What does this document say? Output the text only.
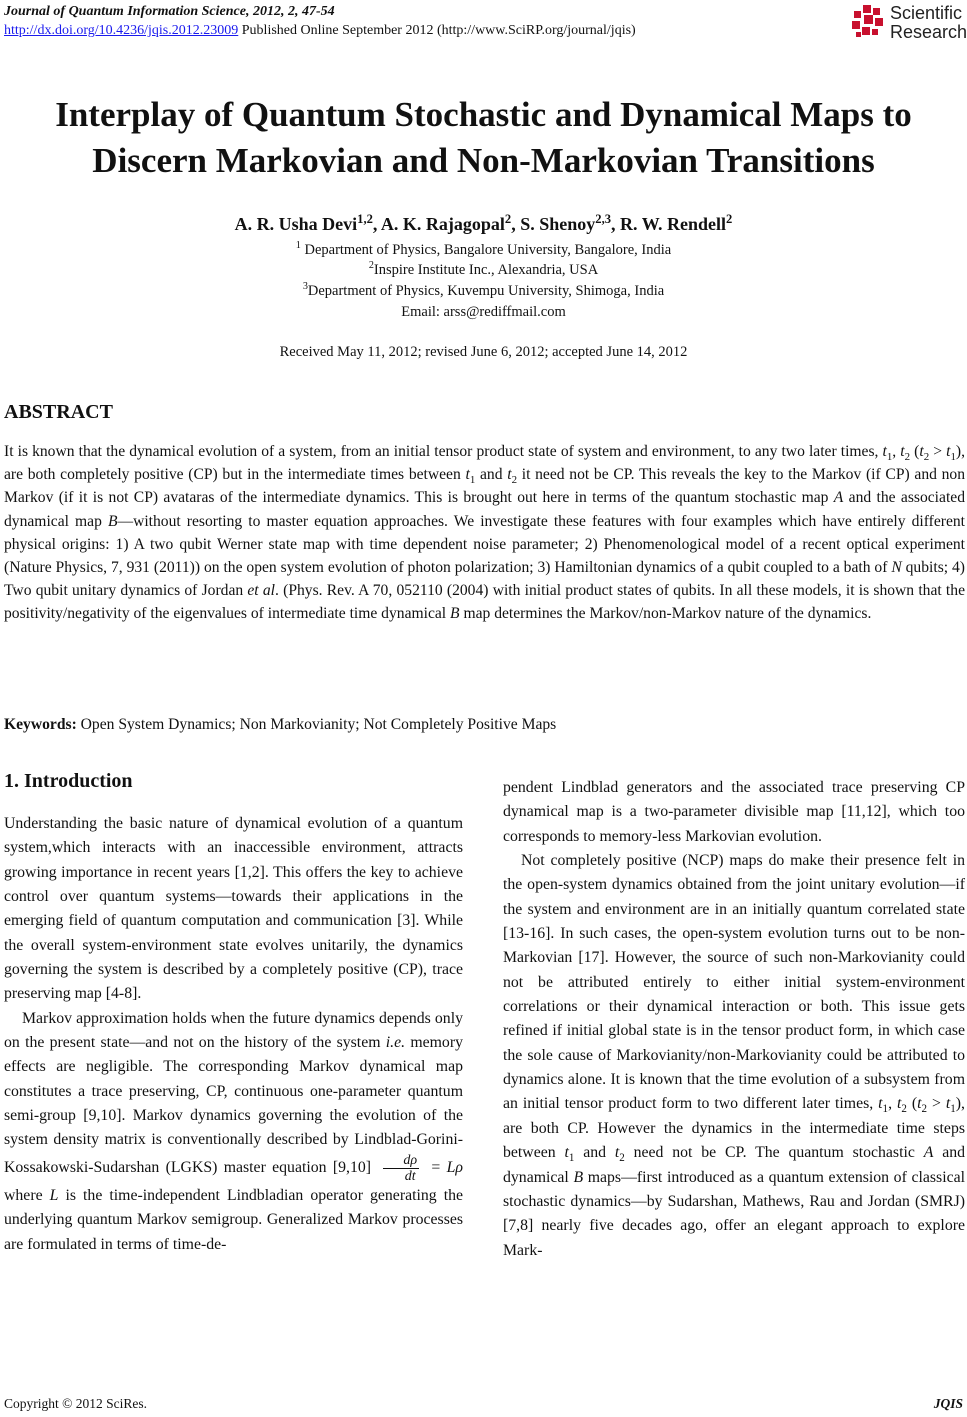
Journal of Quantum Information Science, 2012, 2, 47-54
http://dx.doi.org/10.4236/jqis.2012.23009 Published Online September 2012 (http://www.SciRP.org/journal/jqis)
Scientific
Research
Interplay of Quantum Stochastic and Dynamical Maps to
Discern Markovian and Non-Markovian Transitions
A. R. Usha Devi$^{1,2}$, A. K. Rajagopal$^2$, S. Shenoy$^{2,3}$, R. W. Rendell$^2$
$^1$ Department of Physics, Bangalore University, Bangalore, India
$^2$Inspire Institute Inc., Alexandria, USA
$^3$Department of Physics, Kuvempu University, Shimoga, India
Email: arss@rediffmail.com
Received May 11, 2012; revised June 6, 2012; accepted June 14, 2012
ABSTRACT

It is known that the dynamical evolution of a system, from an initial tensor product state of system and environment, to any two later times, $t_1$, $t_2$ $(t_2 > t_1)$, are both completely positive (CP) but in the intermediate times between $t_1$ and $t_2$ it need not be CP. This reveals the key to the Markov (if CP) and non Markov (if it is not CP) avataras of the intermediate dynamics. This is brought out here in terms of the quantum stochastic map A and the associated dynamical map B—without resorting to master equation approaches. We investigate these features with four examples which have entirely different physical origins: 1) A two qubit Werner state map with time dependent noise parameter; 2) Phenomenological model of a recent optical experiment (Nature Physics, 7, 931 (2011)) on the open system evolution of photon polarization; 3) Hamiltonian dynamics of a qubit coupled to a bath of N qubits; 4) Two qubit unitary dynamics of Jordan et al. (Phys. Rev. A 70, 052110 (2004) with initial product states of qubits. In all these models, it is shown that the positivity/negativity of the eigenvalues of intermediate time dynamical B map determines the Markov/non-Markov nature of the dynamics.

Keywords: Open System Dynamics; Non Markovianity; Not Completely Positive Maps
1. Introduction

Understanding the basic nature of dynamical evolution of a quantum system,which interacts with an inaccessible environment, attracts growing importance in recent years [1,2]. This offers the key to achieve control over quantum systems—towards their applications in the emerging field of quantum computation and communication [3]. While the overall system-environment state evolves unitarily, the dynamics governing the system is described by a completely positive (CP), trace preserving map [4-8].

Markov approximation holds when the future dynamics depends only on the present state—and not on the history of the system i.e. memory effects are negligible. The corresponding Markov dynamical map constitutes a trace preserving, CP, continuous one-parameter quantum semi-group [9,10]. Markov dynamics governing the evolution of the system density matrix is conventionally described by Lindblad-Gorini-Kossakowski-Sudarshan (LGKS) master equation $[9,10] \frac{d\rho}{dt} = L\rho$ where L is the time-independent Lindbladian operator generating the underlying quantum Markov semigroup. Generalized Markov processes are formulated in terms of time-de-

pendent Lindblad generators and the associated trace preserving CP dynamical map is a two-parameter divisible map [11,12], which too corresponds to memory-less Markovian evolution.

Not completely positive (NCP) maps do make their presence felt in the open-system dynamics obtained from the joint unitary evolution—if the system and environment are in an initially quantum correlated state [13-16]. In such cases, the open-system evolution turns out to be non-Markovian [17]. However, the source of such non-Markovianity could not be attributed entirely to either initial system-environment correlations or their dynamical interaction or both. This issue gets refined if initial global state is in the tensor product form, in which case the sole cause of Markovianity/non-Markovianity could be attributed to dynamics alone. It is known that the time evolution of a subsystem from an initial tensor product form to two different later times, $t_1$, $t_2$ $(t_2 > t_1)$, are both CP. However the dynamics in the intermediate time steps between $t_1$ and $t_2$ need not be CP. The quantum stochastic A and dynamical B maps—first introduced as a quantum extension of classical stochastic dynamics—by Sudarshan, Mathews, Rau and Jordan (SMRJ) [7,8] nearly five decades ago, offer an elegant approach to explore Mark-

Copyright © 2012 SciRes.	JQIS
